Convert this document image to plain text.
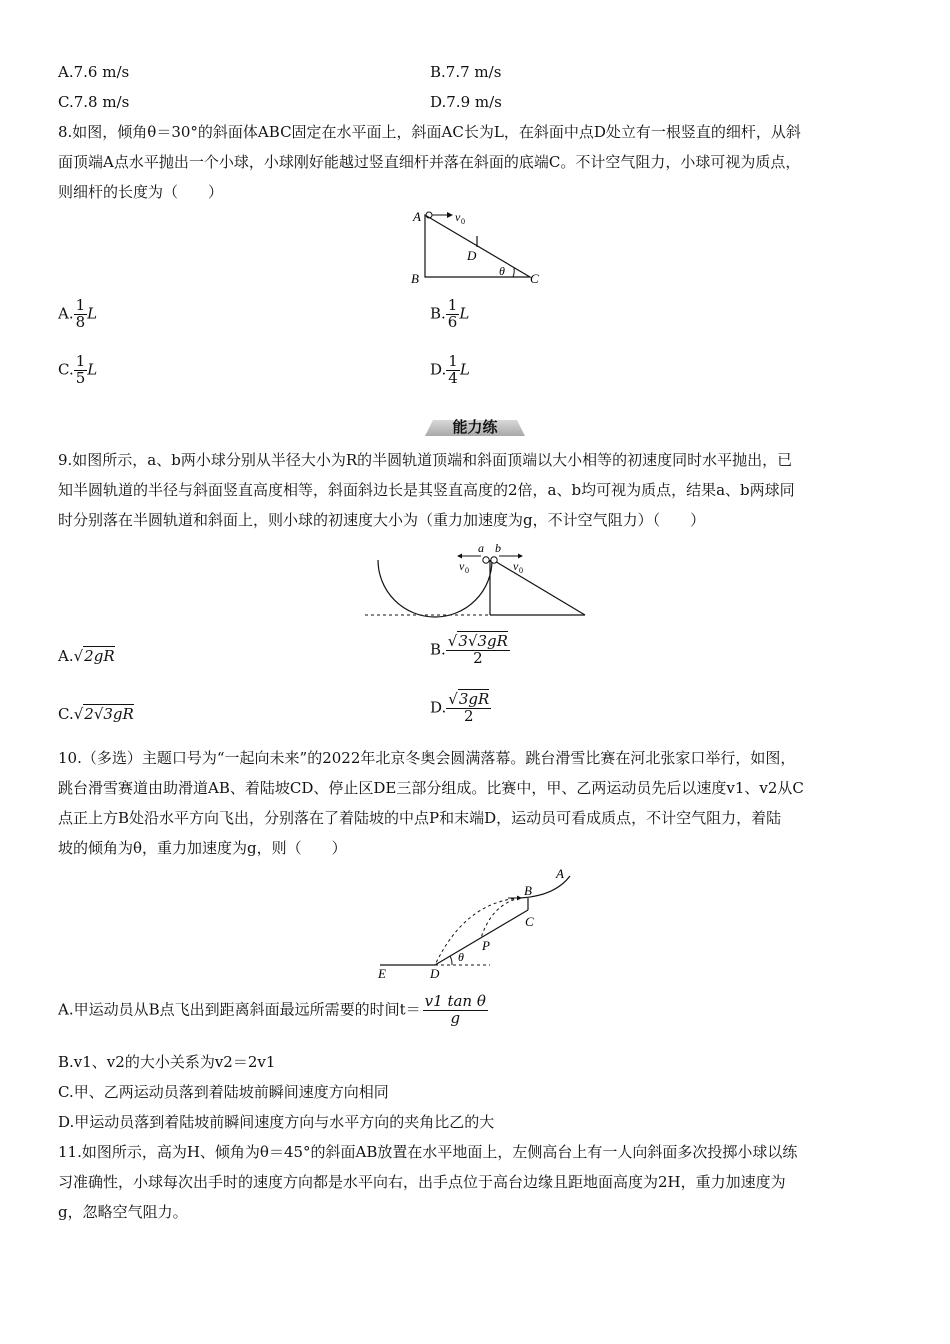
A.7.6 m/s	B.7.7 m/s
C.7.8 m/s	D.7.9 m/s
8.如图，倾角θ＝30°的斜面体ABC固定在水平面上，斜面AC长为L，在斜面中点D处立有一根竖直的细杆，从斜
面顶端A点水平抛出一个小球，小球刚好能越过竖直细杆并落在斜面的底端C。不计空气阻力，小球可视为质点，
则细杆的长度为（　　）
A	v 0
D
θ
B	C
A. $\frac{1}{8}$ L	B. $\frac{1}{6}$ L
C. $\frac{1}{5}$ L	D. $\frac{1}{4}$ L
能力练
9.如图所示，a、b两小球分别从半径大小为R的半圆轨道顶端和斜面顶端以大小相等的初速度同时水平抛出，已
知半圆轨道的半径与斜面竖直高度相等，斜面斜边长是其竖直高度的2倍，a、b均可视为质点，结果a、b两球同
时分别落在半圆轨道和斜面上，则小球的初速度大小为（重力加速度为g，不计空气阻力）（　　）
a b
v 0	v 0
A.√2gR	B. $\frac{√3√3gR}{2}$
C.√2√3gR	D. $\frac{√3gR}{2}$
10.（多选）主题口号为“一起向未来”的2022年北京冬奥会圆满落幕。跳台滑雪比赛在河北张家口举行，如图，
跳台滑雪赛道由助滑道AB、着陆坡CD、停止区DE三部分组成。比赛中，甲、乙两运动员先后以速度v1、v2从C
点正上方B处沿水平方向飞出，分别落在了着陆坡的中点P和末端D，运动员可看成质点，不计空气阻力，着陆
坡的倾角为θ，重力加速度为g，则（　　）
A
B
C
P
θ
D
E
A.甲运动员从B点飞出到距离斜面最远所需要的时间$t= \frac{\text{v1 tan θ}}{g}$
B.v1、v2的大小关系为v2＝2v1
C.甲、乙两运动员落到着陆坡前瞬间速度方向相同
D.甲运动员落到着陆坡前瞬间速度方向与水平方向的夹角比乙的大
11.如图所示，高为H、倾角为θ＝45°的斜面AB放置在水平地面上，左侧高台上有一人向斜面多次投掷小球以练
习准确性，小球每次出手时的速度方向都是水平向右，出手点位于高台边缘且距地面高度为2H，重力加速度为
g，忽略空气阻力。
